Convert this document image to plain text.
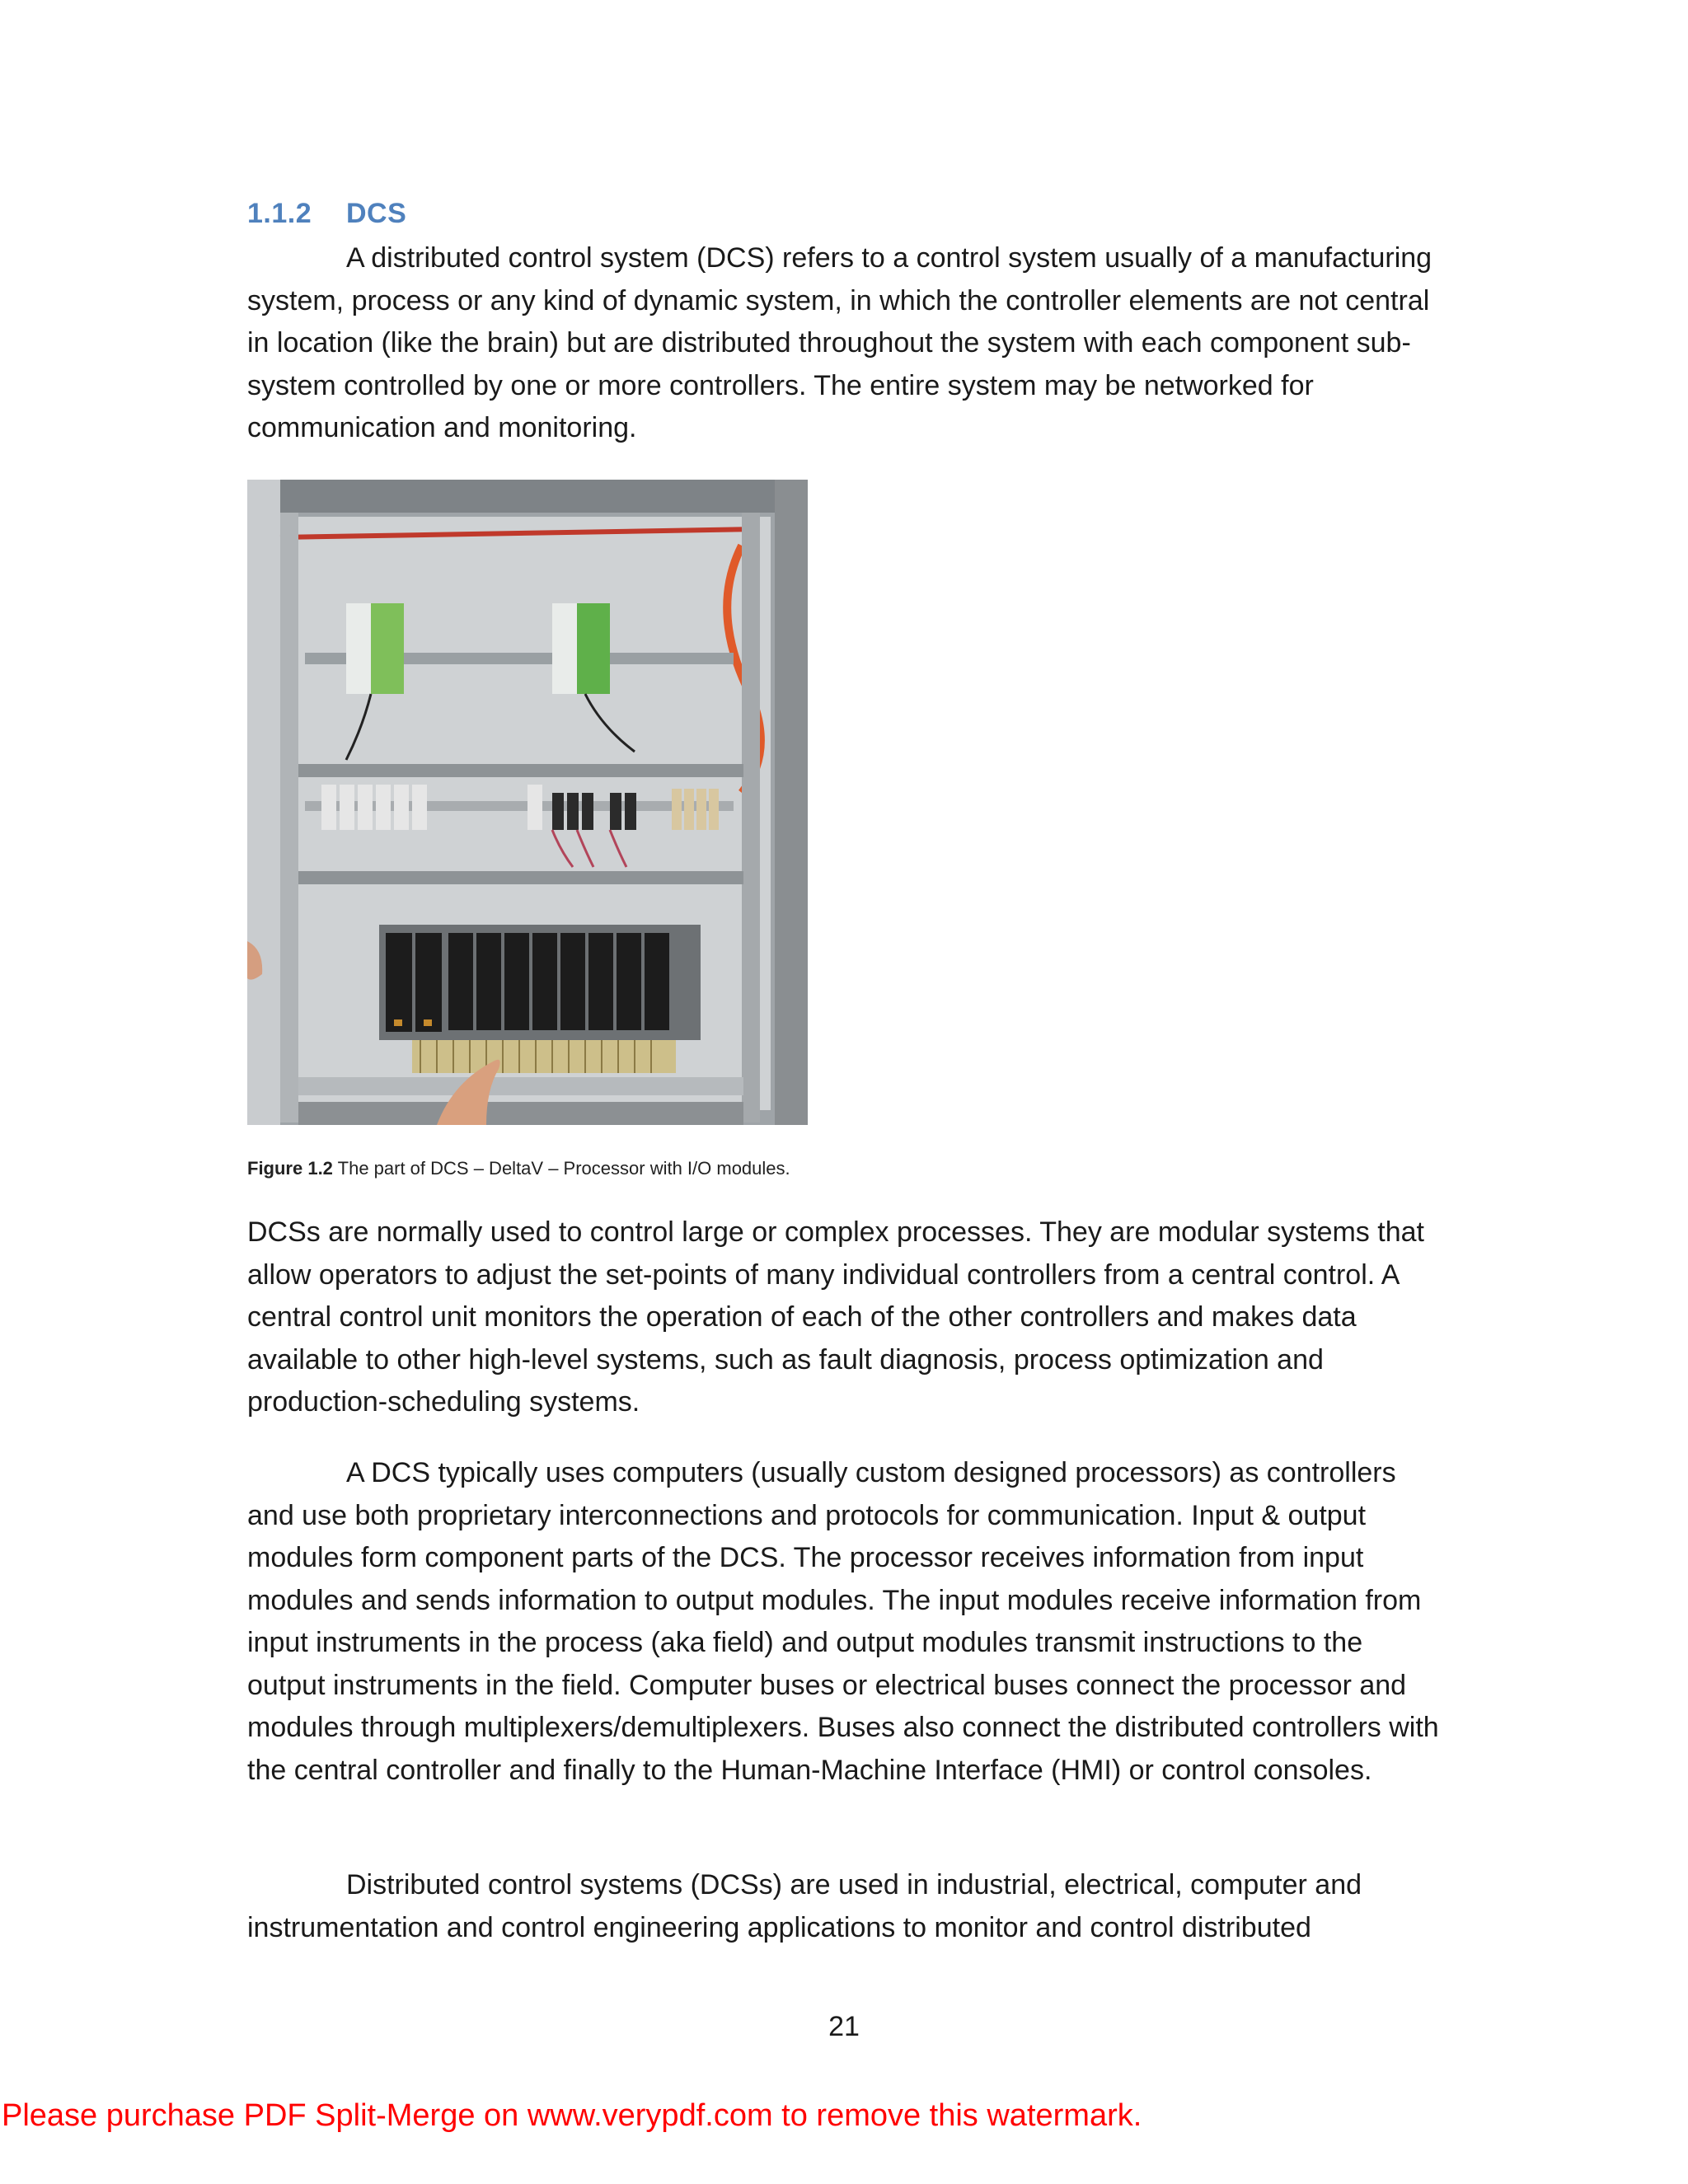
1.1.2 DCS

A distributed control system (DCS) refers to a control system usually of a manufacturing system, process or any kind of dynamic system, in which the controller elements are not central in location (like the brain) but are distributed throughout the system with each component sub-system controlled by one or more controllers. The entire system may be networked for communication and monitoring.

Figure 1.2 The part of DCS – DeltaV – Processor with I/O modules.

DCSs are normally used to control large or complex processes. They are modular systems that allow operators to adjust the set-points of many individual controllers from a central control. A central control unit monitors the operation of each of the other controllers and makes data available to other high-level systems, such as fault diagnosis, process optimization and production-scheduling systems.

A DCS typically uses computers (usually custom designed processors) as controllers and use both proprietary interconnections and protocols for communication. Input & output modules form component parts of the DCS. The processor receives information from input modules and sends information to output modules. The input modules receive information from input instruments in the process (aka field) and output modules transmit instructions to the output instruments in the field. Computer buses or electrical buses connect the processor and modules through multiplexers/demultiplexers. Buses also connect the distributed controllers with the central controller and finally to the Human-Machine Interface (HMI) or control consoles.

Distributed control systems (DCSs) are used in industrial, electrical, computer and instrumentation and control engineering applications to monitor and control distributed

21
Please purchase PDF Split-Merge on www.verypdf.com to remove this watermark.
